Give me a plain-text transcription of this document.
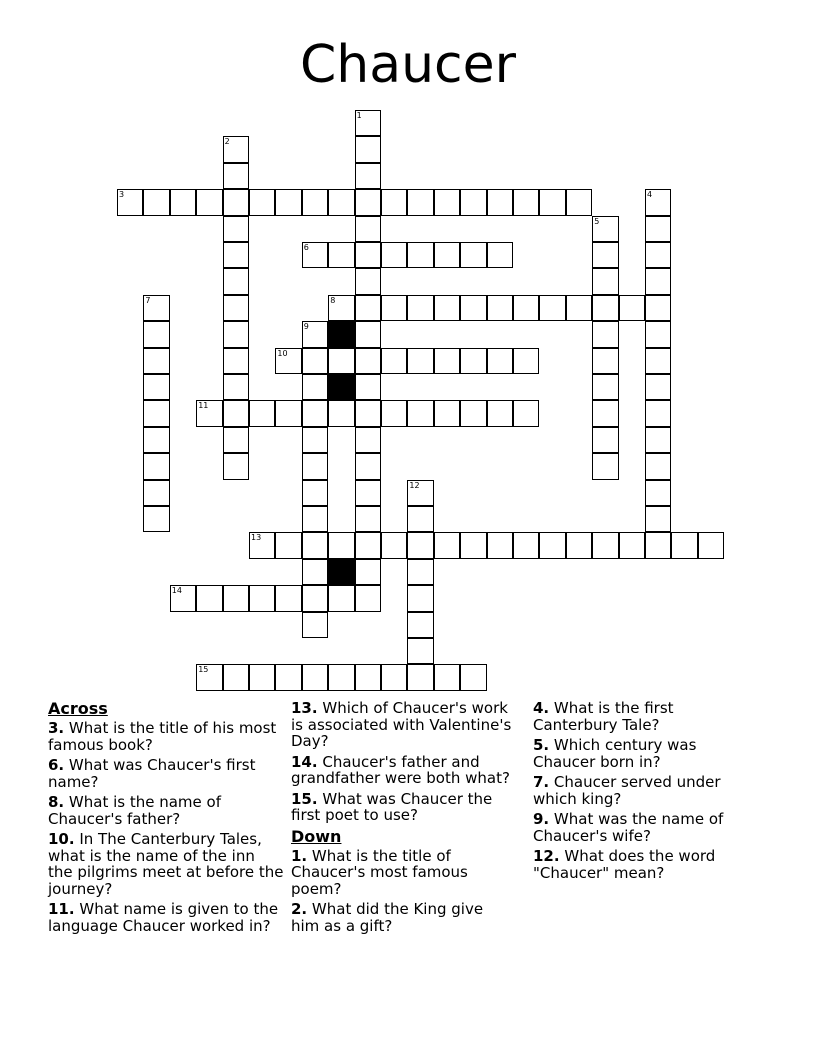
Chaucer
3
6
8
10
11
13
14
15
1
2
4
5
7
9
12
Across
3. What is the title of his most famous book?
6. What was Chaucer's first name?
8. What is the name of Chaucer's father?
10. In The Canterbury Tales, what is the name of the inn the pilgrims meet at before the journey?
11. What name is given to the language Chaucer worked in?
13. Which of Chaucer's work is associated with Valentine's Day?
14. Chaucer's father and grandfather were both what?
15. What was Chaucer the first poet to use?
Down
1. What is the title of Chaucer's most famous poem?
2. What did the King give him as a gift?
4. What is the first Canterbury Tale?
5. Which century was Chaucer born in?
7. Chaucer served under which king?
9. What was the name of Chaucer's wife?
12. What does the word "Chaucer" mean?
